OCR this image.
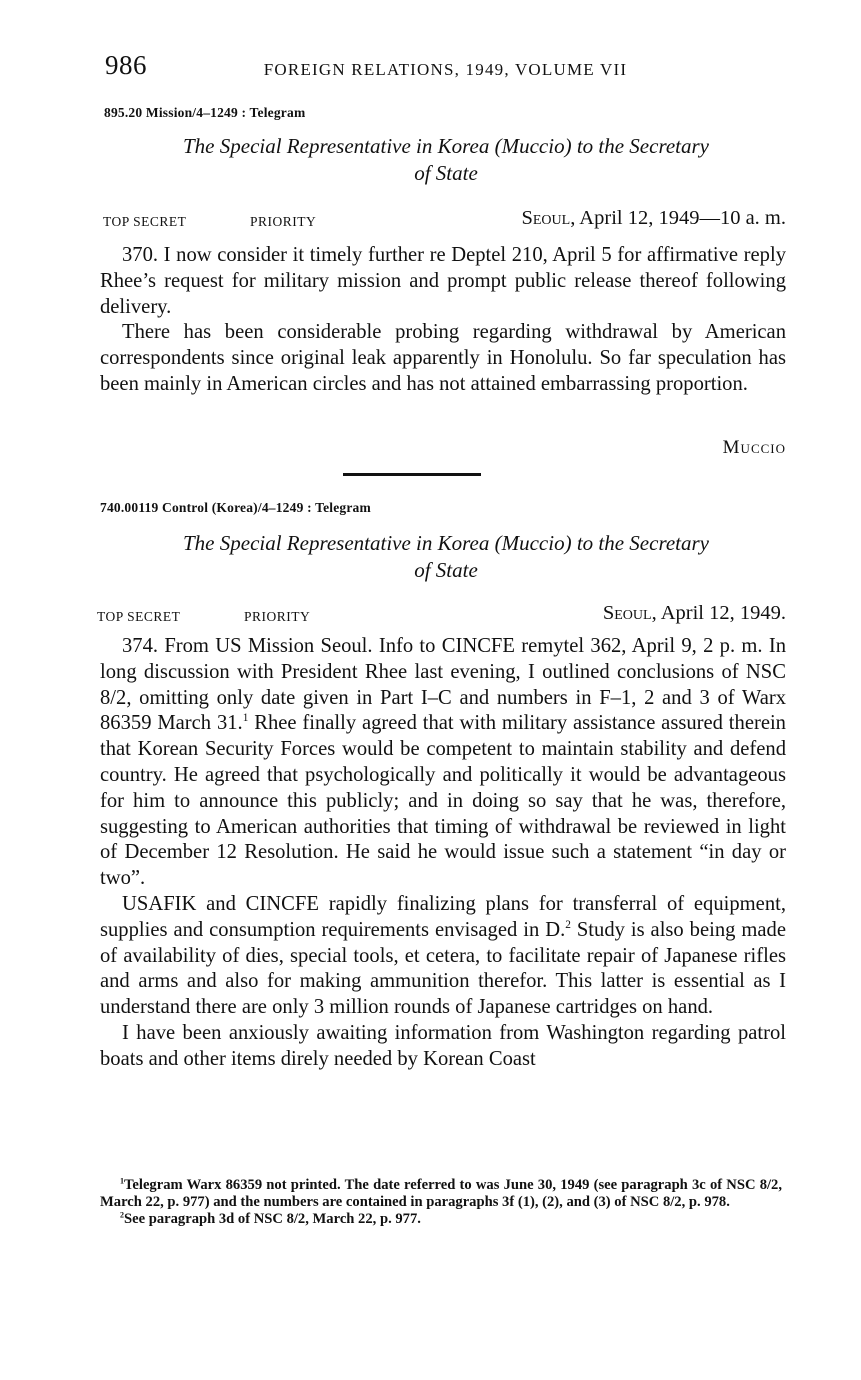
986	FOREIGN RELATIONS, 1949, VOLUME VII
895.20 Mission/4–1249 : Telegram
The Special Representative in Korea (Muccio) to the Secretary
of State
TOP SECRET	PRIORITY	Seoul, April 12, 1949—10 a. m.

370. I now consider it timely further re Deptel 210, April 5 for affirmative reply Rhee’s request for military mission and prompt public release thereof following delivery.

There has been considerable probing regarding withdrawal by American correspondents since original leak apparently in Honolulu. So far speculation has been mainly in American circles and has not attained embarrassing proportion.

Muccio
740.00119 Control (Korea)/4–1249 : Telegram
The Special Representative in Korea (Muccio) to the Secretary
of State
TOP SECRET	PRIORITY	Seoul, April 12, 1949.

374. From US Mission Seoul. Info to CINCFE remytel 362, April 9, 2 p. m. In long discussion with President Rhee last evening, I outlined conclusions of NSC 8/2, omitting only date given in Part I–C and numbers in F–1, 2 and 3 of Warx 86359 March 31.$^1$ Rhee finally agreed that with military assistance assured therein that Korean Security Forces would be competent to maintain stability and defend country. He agreed that psychologically and politically it would be advantageous for him to announce this publicly; and in doing so say that he was, therefore, suggesting to American authorities that timing of withdrawal be reviewed in light of December 12 Resolution. He said he would issue such a statement “in day or two”.

USAFIK and CINCFE rapidly finalizing plans for transferral of equipment, supplies and consumption requirements envisaged in D.$^2$ Study is also being made of availability of dies, special tools, et cetera, to facilitate repair of Japanese rifles and arms and also for making ammunition therefor. This latter is essential as I understand there are only 3 million rounds of Japanese cartridges on hand.

I have been anxiously awaiting information from Washington regarding patrol boats and other items direly needed by Korean Coast

$^1$Telegram Warx 86359 not printed. The date referred to was June 30, 1949 (see paragraph 3c of NSC 8/2, March 22, p. 977) and the numbers are contained in paragraphs 3f (1), (2), and (3) of NSC 8/2, p. 978.

$^2$See paragraph 3d of NSC 8/2, March 22, p. 977.
